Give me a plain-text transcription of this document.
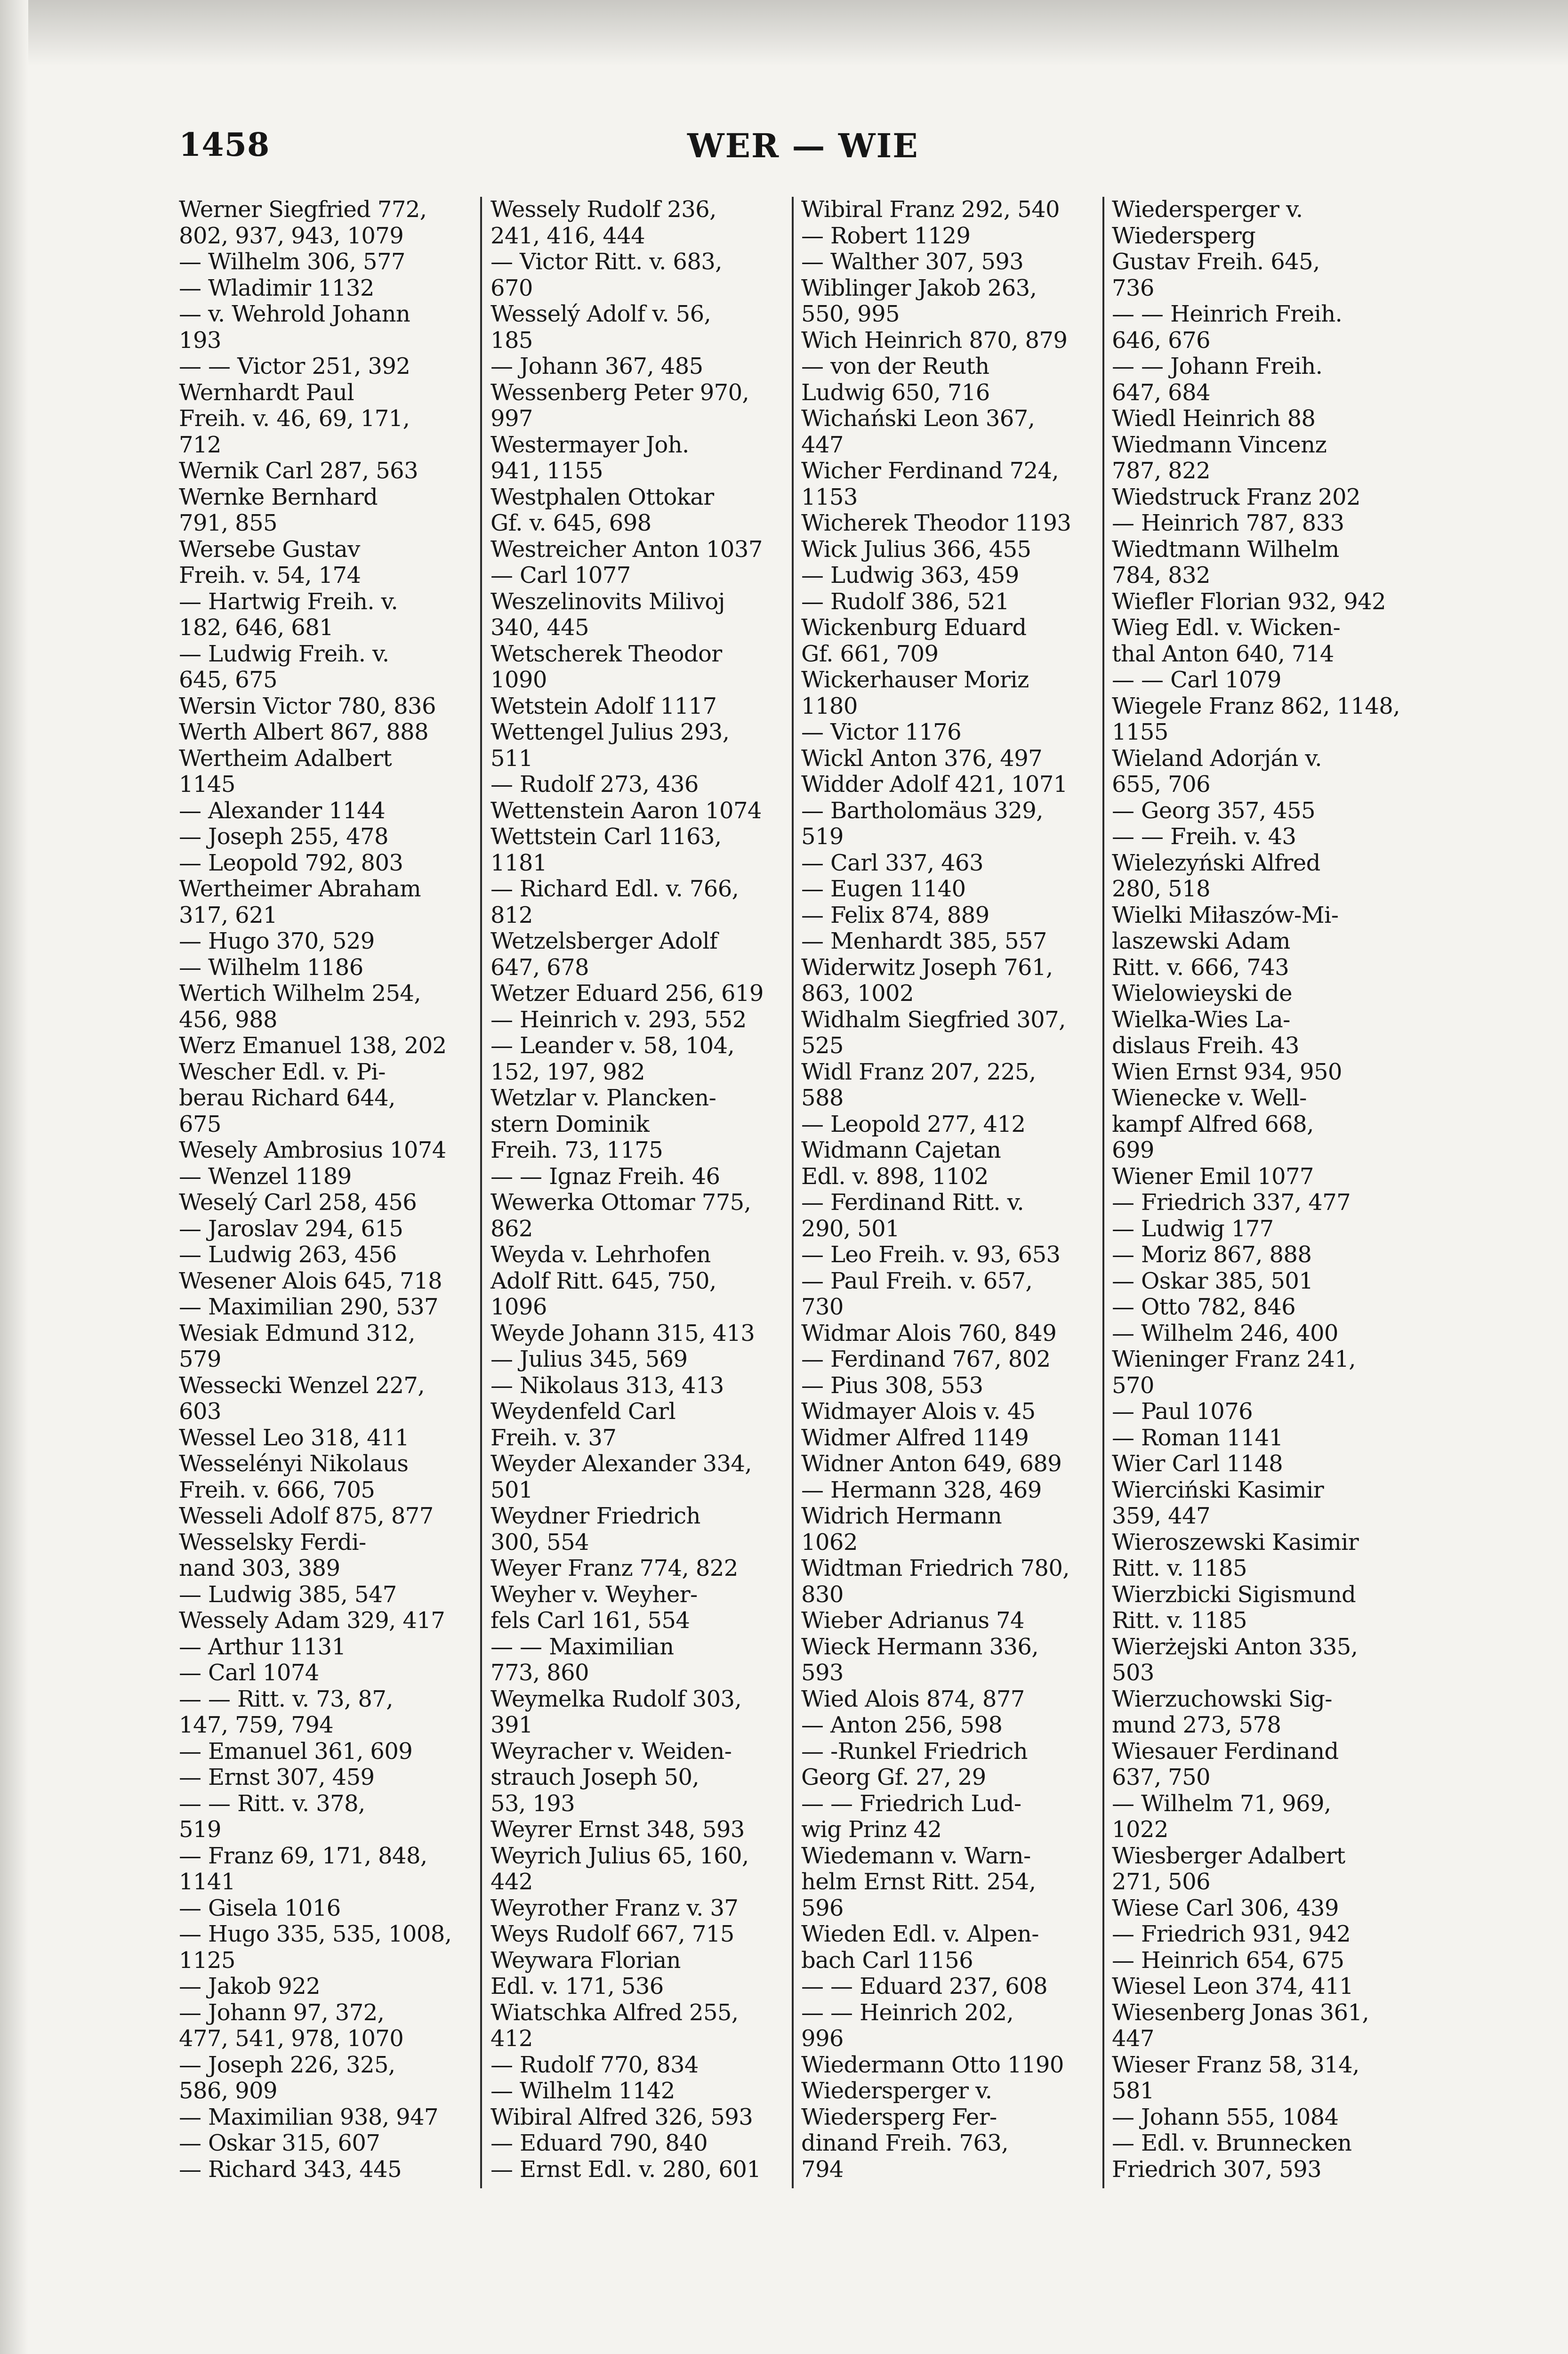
1458	WER — WIE

Werner Siegfried 772,
802, 937, 943, 1079

— Wilhelm 306, 577

— Wladimir 1132

— v. Wehrold Johann
193

— — Victor 251, 392

Wernhardt Paul
Freih. v. 46, 69, 171,
712

Wernik Carl 287, 563

Wernke Bernhard
791, 855

Wersebe Gustav
Freih. v. 54, 174

— Hartwig Freih. v.
182, 646, 681

— Ludwig Freih. v.
645, 675

Wersin Victor 780, 836

Werth Albert 867, 888

Wertheim Adalbert
1145

— Alexander 1144

— Joseph 255, 478

— Leopold 792, 803

Wertheimer Abraham
317, 621

— Hugo 370, 529

— Wilhelm 1186

Wertich Wilhelm 254,
456, 988

Werz Emanuel 138, 202

Wescher Edl. v. Pi-
berau Richard 644,
675

Wesely Ambrosius 1074

— Wenzel 1189

Weselý Carl 258, 456

— Jaroslav 294, 615

— Ludwig 263, 456

Wesener Alois 645, 718

— Maximilian 290, 537

Wesiak Edmund 312,
579

Wessecki Wenzel 227,
603

Wessel Leo 318, 411

Wesselényi Nikolaus
Freih. v. 666, 705

Wesseli Adolf 875, 877

Wesselsky Ferdi-
nand 303, 389

— Ludwig 385, 547

Wessely Adam 329, 417

— Arthur 1131

— Carl 1074

— — Ritt. v. 73, 87,
147, 759, 794

— Emanuel 361, 609

— Ernst 307, 459

— — Ritt. v. 378,
519

— Franz 69, 171, 848,
1141

— Gisela 1016

— Hugo 335, 535, 1008,
1125

— Jakob 922

— Johann 97, 372,
477, 541, 978, 1070

— Joseph 226, 325,
586, 909

— Maximilian 938, 947

— Oskar 315, 607

— Richard 343, 445

Wessely Rudolf 236,
241, 416, 444

— Victor Ritt. v. 683,
670

Wesselý Adolf v. 56,
185

— Johann 367, 485

Wessenberg Peter 970,
997

Westermayer Joh.
941, 1155

Westphalen Ottokar
Gf. v. 645, 698

Westreicher Anton 1037

— Carl 1077

Weszelinovits Milivoj
340, 445

Wetscherek Theodor
1090

Wetstein Adolf 1117

Wettengel Julius 293,
511

— Rudolf 273, 436

Wettenstein Aaron 1074

Wettstein Carl 1163,
1181

— Richard Edl. v. 766,
812

Wetzelsberger Adolf
647, 678

Wetzer Eduard 256, 619

— Heinrich v. 293, 552

— Leander v. 58, 104,
152, 197, 982

Wetzlar v. Plancken-
stern Dominik
Freih. 73, 1175

— — Ignaz Freih. 46

Wewerka Ottomar 775,
862

Weyda v. Lehrhofen
Adolf Ritt. 645, 750,
1096

Weyde Johann 315, 413

— Julius 345, 569

— Nikolaus 313, 413

Weydenfeld Carl
Freih. v. 37

Weyder Alexander 334,
501

Weydner Friedrich
300, 554

Weyer Franz 774, 822

Weyher v. Weyher-
fels Carl 161, 554

— — Maximilian
773, 860

Weymelka Rudolf 303,
391

Weyracher v. Weiden-
strauch Joseph 50,
53, 193

Weyrer Ernst 348, 593

Weyrich Julius 65, 160,
442

Weyrother Franz v. 37

Weys Rudolf 667, 715

Weywara Florian
Edl. v. 171, 536

Wiatschka Alfred 255,
412

— Rudolf 770, 834

— Wilhelm 1142

Wibiral Alfred 326, 593

— Eduard 790, 840

— Ernst Edl. v. 280, 601

Wibiral Franz 292, 540

— Robert 1129

— Walther 307, 593

Wiblinger Jakob 263,
550, 995

Wich Heinrich 870, 879

— von der Reuth
Ludwig 650, 716

Wichański Leon 367,
447

Wicher Ferdinand 724,
1153

Wicherek Theodor 1193

Wick Julius 366, 455

— Ludwig 363, 459

— Rudolf 386, 521

Wickenburg Eduard
Gf. 661, 709

Wickerhauser Moriz
1180

— Victor 1176

Wickl Anton 376, 497

Widder Adolf 421, 1071

— Bartholomäus 329,
519

— Carl 337, 463

— Eugen 1140

— Felix 874, 889

— Menhardt 385, 557

Widerwitz Joseph 761,
863, 1002

Widhalm Siegfried 307,
525

Widl Franz 207, 225,
588

— Leopold 277, 412

Widmann Cajetan
Edl. v. 898, 1102

— Ferdinand Ritt. v.
290, 501

— Leo Freih. v. 93, 653

— Paul Freih. v. 657,
730

Widmar Alois 760, 849

— Ferdinand 767, 802

— Pius 308, 553

Widmayer Alois v. 45

Widmer Alfred 1149

Widner Anton 649, 689

— Hermann 328, 469

Widrich Hermann
1062

Widtman Friedrich 780,
830

Wieber Adrianus 74

Wieck Hermann 336,
593

Wied Alois 874, 877

— Anton 256, 598

— -Runkel Friedrich
Georg Gf. 27, 29

— — Friedrich Lud-
wig Prinz 42

Wiedemann v. Warn-
helm Ernst Ritt. 254,
596

Wieden Edl. v. Alpen-
bach Carl 1156

— — Eduard 237, 608

— — Heinrich 202,
996

Wiedermann Otto 1190

Wiedersperger v.
Wiedersperg Fer-
dinand Freih. 763,
794

Wiedersperger v.
Wiedersperg
Gustav Freih. 645,
736

— — Heinrich Freih.
646, 676

— — Johann Freih.
647, 684

Wiedl Heinrich 88

Wiedmann Vincenz
787, 822

Wiedstruck Franz 202

— Heinrich 787, 833

Wiedtmann Wilhelm
784, 832

Wiefler Florian 932, 942

Wieg Edl. v. Wicken-
thal Anton 640, 714

— — Carl 1079

Wiegele Franz 862, 1148,
1155

Wieland Adorján v.
655, 706

— Georg 357, 455

— — Freih. v. 43

Wielezyński Alfred
280, 518

Wielki Miłaszów-Mi-
laszewski Adam
Ritt. v. 666, 743

Wielowieyski de
Wielka-Wies La-
dislaus Freih. 43

Wien Ernst 934, 950

Wienecke v. Well-
kampf Alfred 668,
699

Wiener Emil 1077

— Friedrich 337, 477

— Ludwig 177

— Moriz 867, 888

— Oskar 385, 501

— Otto 782, 846

— Wilhelm 246, 400

Wieninger Franz 241,
570

— Paul 1076

— Roman 1141

Wier Carl 1148

Wierciński Kasimir
359, 447

Wieroszewski Kasimir
Ritt. v. 1185

Wierzbicki Sigismund
Ritt. v. 1185

Wierżejski Anton 335,
503

Wierzuchowski Sig-
mund 273, 578

Wiesauer Ferdinand
637, 750

— Wilhelm 71, 969,
1022

Wiesberger Adalbert
271, 506

Wiese Carl 306, 439

— Friedrich 931, 942

— Heinrich 654, 675

Wiesel Leon 374, 411

Wiesenberg Jonas 361,
447

Wieser Franz 58, 314,
581

— Johann 555, 1084

— Edl. v. Brunnecken
Friedrich 307, 593
